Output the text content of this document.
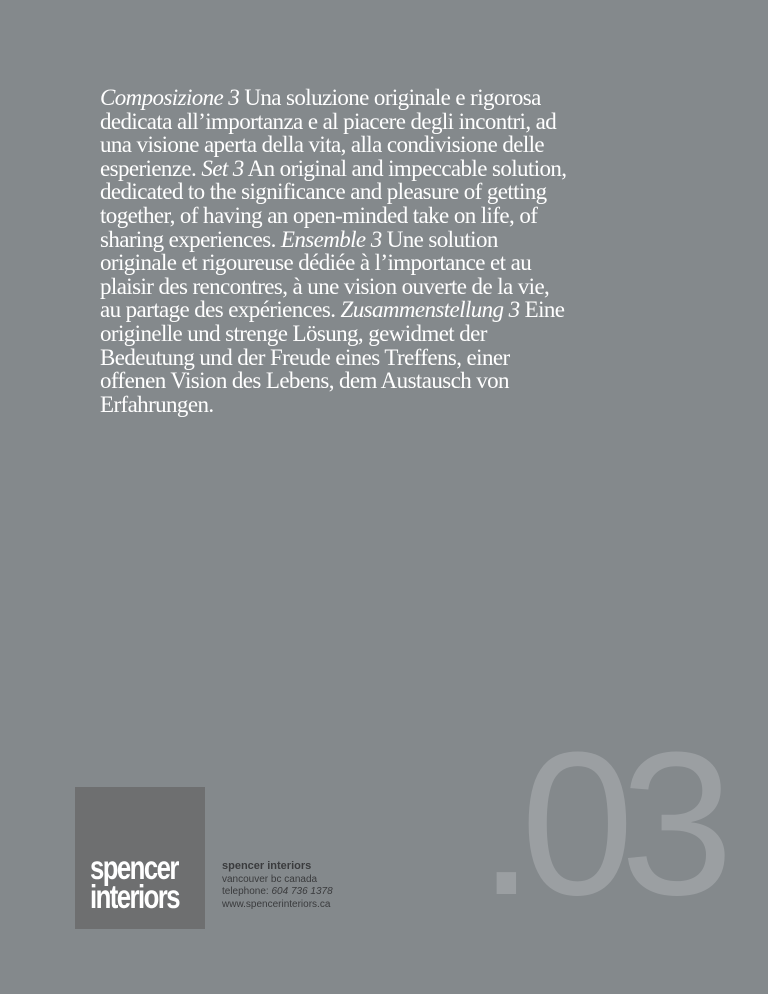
Composizione 3 Una soluzione originale e rigorosa dedicata all’importanza e al piacere degli incontri, ad una visione aperta della vita, alla condivisione delle esperienze. Set 3 An original and impeccable solution, dedicated to the significance and pleasure of getting together, of having an open-minded take on life, of sharing experiences. Ensemble 3 Une solution originale et rigoureuse dédiée à l’importance et au plaisir des rencontres, à une vision ouverte de la vie, au partage des expériences. Zusammenstellung 3 Eine originelle und strenge Lösung, gewidmet der Bedeutung und der Freude eines Treffens, einer offenen Vision des Lebens, dem Austausch von Erfahrungen.

spencer
interiors
spencer interiors
vancouver bc canada
telephone: 604 736 1378
www.spencerinteriors.ca .03
